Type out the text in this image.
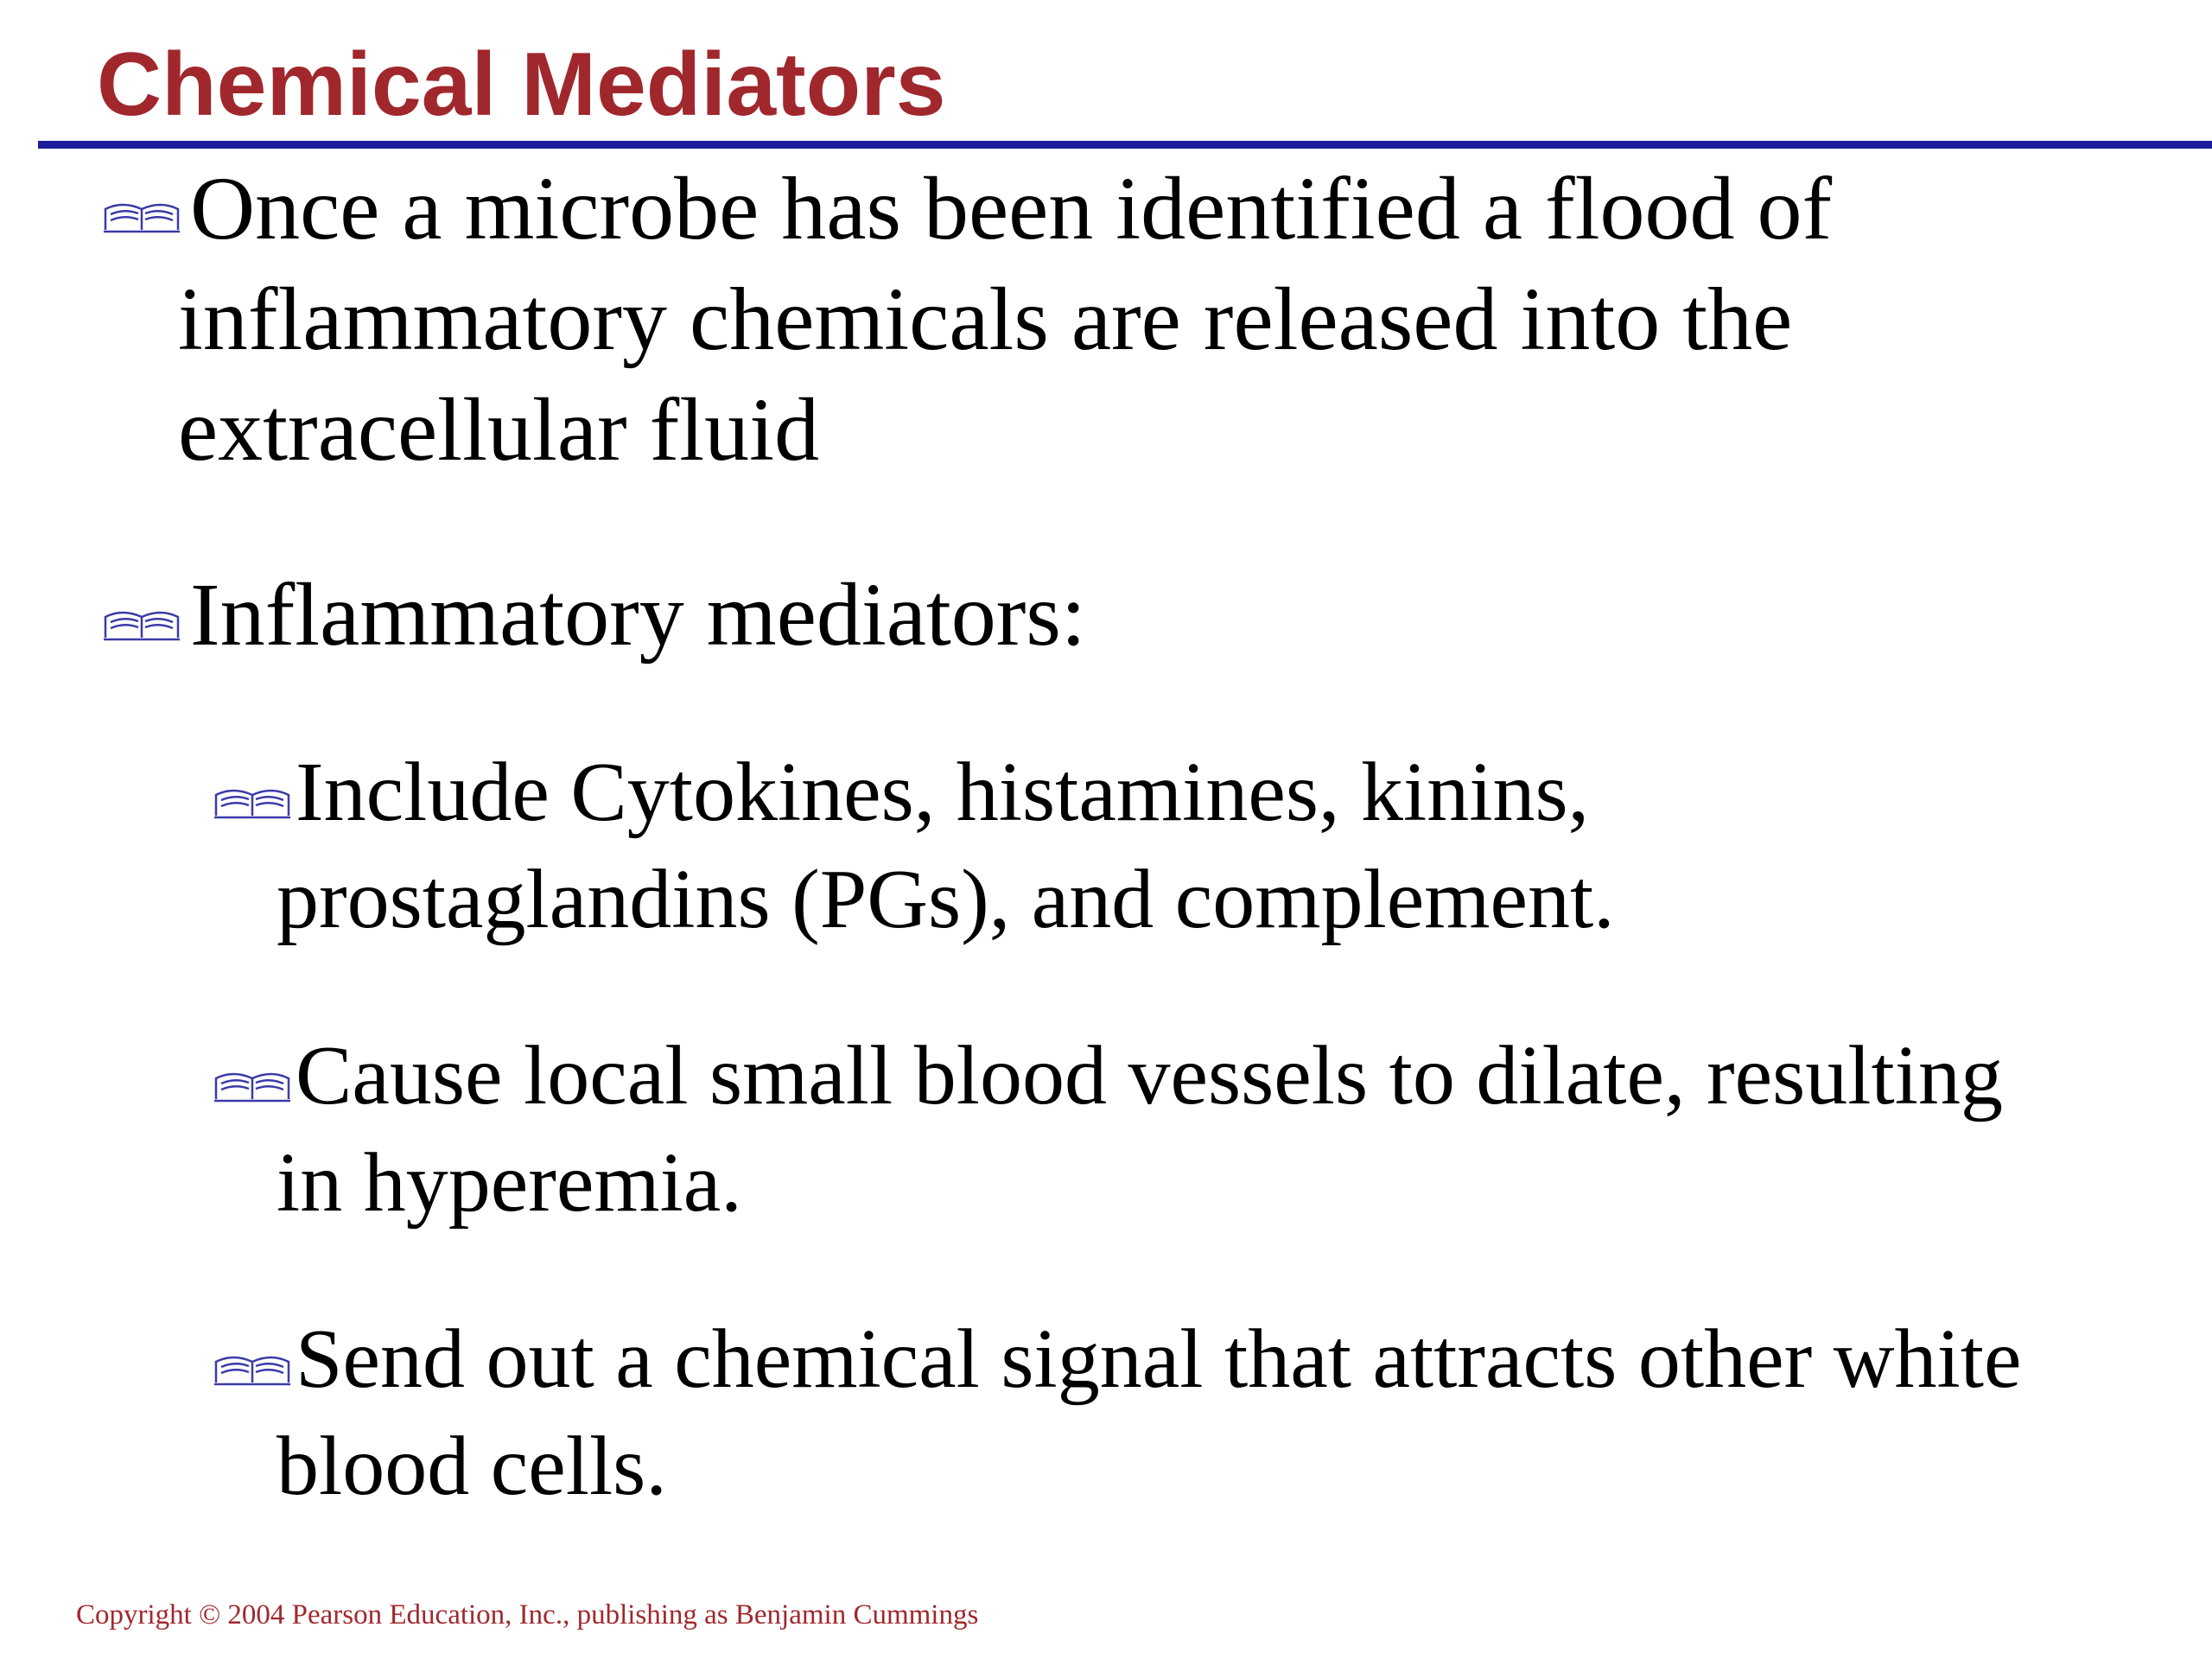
Chemical Mediators
Once a microbe has been identified a flood of
inflammatory chemicals are released into the
extracellular fluid
Inflammatory mediators:
Include Cytokines, histamines, kinins,
prostaglandins (PGs), and complement.
Cause local small blood vessels to dilate, resulting
in hyperemia.
Send out a chemical signal that attracts other white
blood cells.
Copyright © 2004 Pearson Education, Inc., publishing as Benjamin Cummings
